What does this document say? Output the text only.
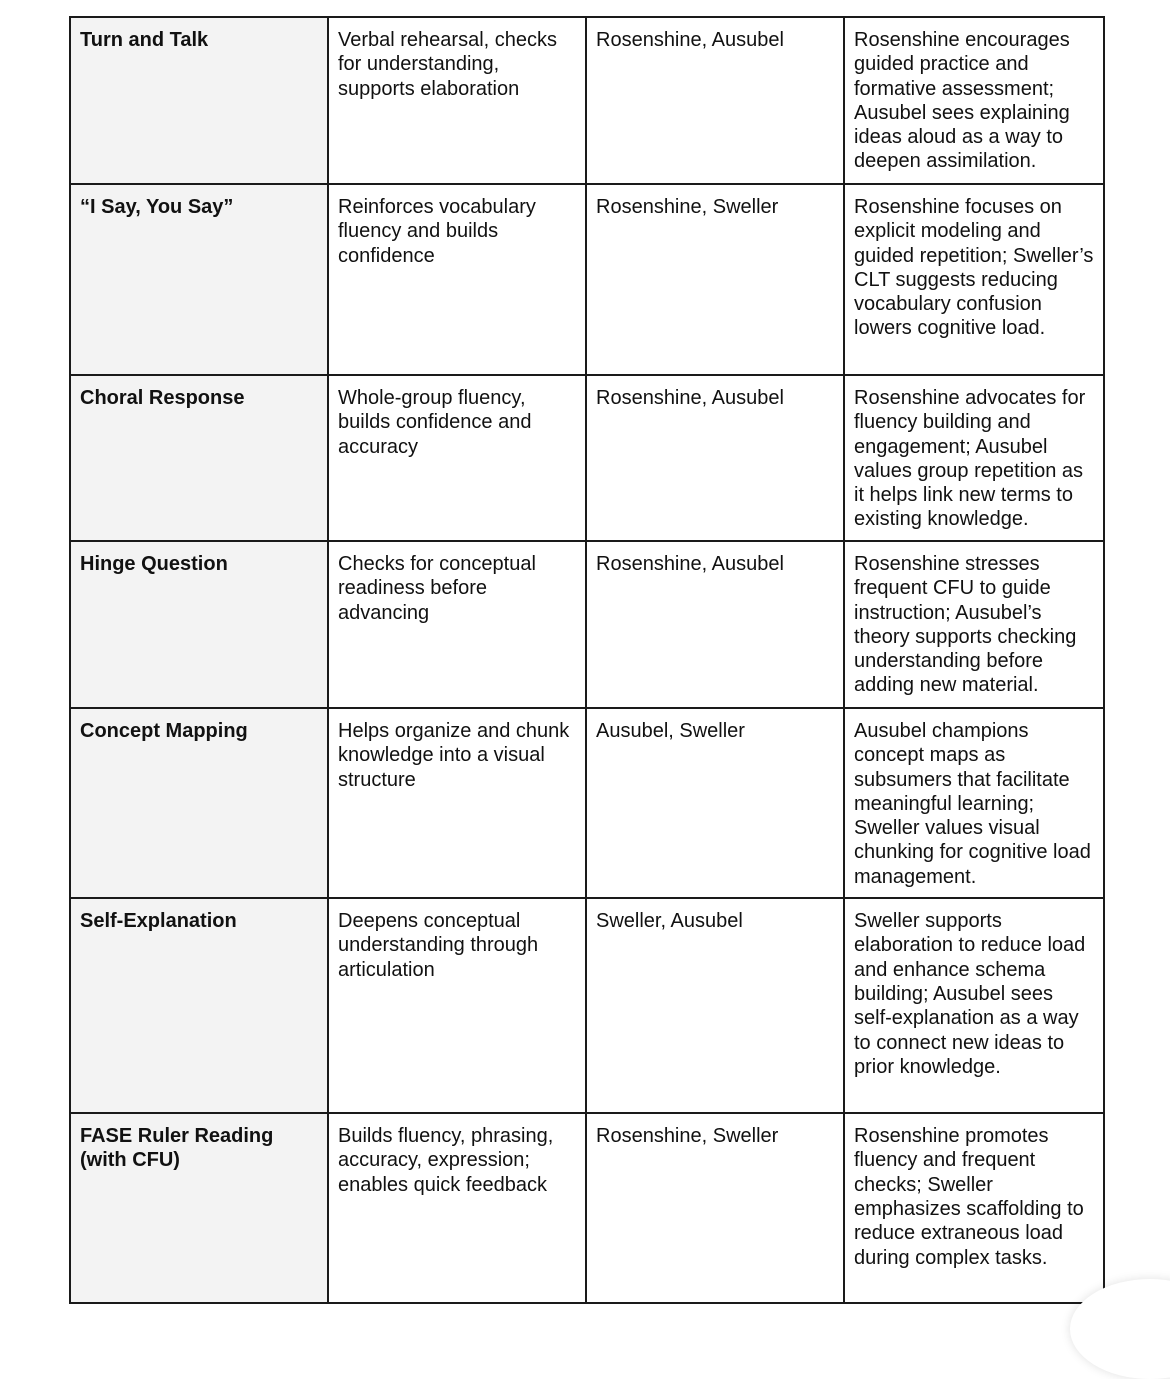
Turn and Talk	Verbal rehearsal, checks for understanding, supports elaboration	Rosenshine, Ausubel	Rosenshine encourages guided practice and formative assessment; Ausubel sees explaining ideas aloud as a way to deepen assimilation.
“I Say, You Say”	Reinforces vocabulary fluency and builds confidence	Rosenshine, Sweller	Rosenshine focuses on explicit modeling and guided repetition; Sweller’s CLT suggests reducing vocabulary confusion lowers cognitive load.
Choral Response	Whole-group fluency, builds confidence and accuracy	Rosenshine, Ausubel	Rosenshine advocates for fluency building and engagement; Ausubel values group repetition as it helps link new terms to existing knowledge.
Hinge Question	Checks for conceptual readiness before advancing	Rosenshine, Ausubel	Rosenshine stresses frequent CFU to guide instruction; Ausubel’s theory supports checking understanding before adding new material.
Concept Mapping	Helps organize and chunk knowledge into a visual structure	Ausubel, Sweller	Ausubel champions concept maps as subsumers that facilitate meaningful learning; Sweller values visual chunking for cognitive load management.
Self-Explanation	Deepens conceptual understanding through articulation	Sweller, Ausubel	Sweller supports elaboration to reduce load and enhance schema building; Ausubel sees self-explanation as a way to connect new ideas to prior knowledge.
FASE Ruler Reading (with CFU)	Builds fluency, phrasing, accuracy, expression; enables quick feedback	Rosenshine, Sweller	Rosenshine promotes fluency and frequent checks; Sweller emphasizes scaffolding to reduce extraneous load during complex tasks.
